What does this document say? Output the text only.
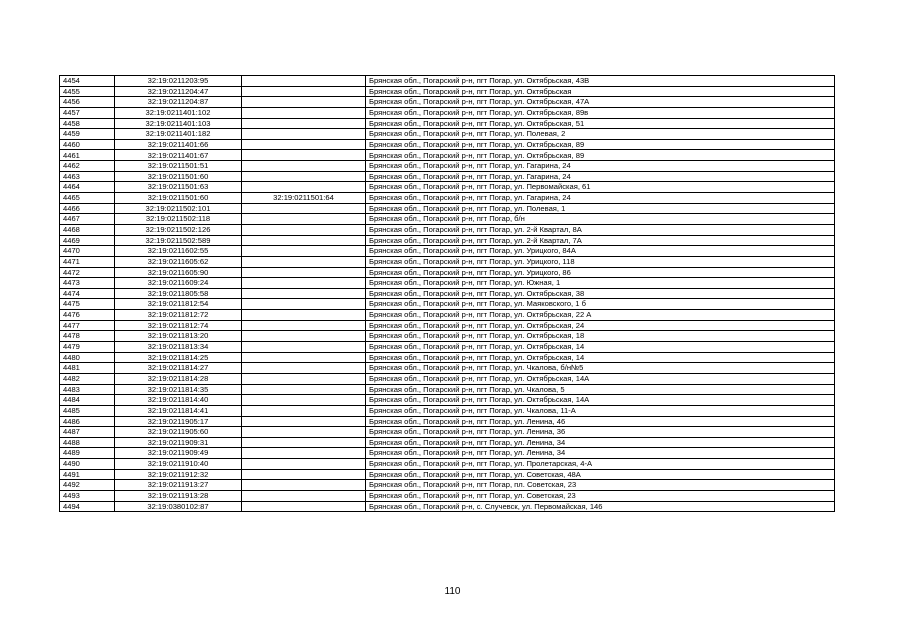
4454	32:19:0211203:95		Брянская обл., Погарский р-н, пгт Погар, ул. Октябрьская, 43В
4455	32:19:0211204:47		Брянская обл., Погарский р-н, пгт Погар, ул. Октябрьская
4456	32:19:0211204:87		Брянская обл., Погарский р-н, пгт Погар, ул. Октябрьская, 47А
4457	32:19:0211401:102		Брянская обл., Погарский р-н, пгт Погар, ул. Октябрьская, 89в
4458	32:19:0211401:103		Брянская обл., Погарский р-н, пгт Погар, ул. Октябрьская, 51
4459	32:19:0211401:182		Брянская обл., Погарский р-н, пгт Погар, ул. Полевая, 2
4460	32:19:0211401:66		Брянская обл., Погарский р-н, пгт Погар, ул. Октябрьская, 89
4461	32:19:0211401:67		Брянская обл., Погарский р-н, пгт Погар, ул. Октябрьская, 89
4462	32:19:0211501:51		Брянская обл., Погарский р-н, пгт Погар, ул. Гагарина, 24
4463	32:19:0211501:60		Брянская обл., Погарский р-н, пгт Погар, ул. Гагарина, 24
4464	32:19:0211501:63		Брянская обл., Погарский р-н, пгт Погар, ул. Первомайская, 61
4465	32:19:0211501:60	32:19:0211501:64	Брянская обл., Погарский р-н, пгт Погар, ул. Гагарина, 24
4466	32:19:0211502:101		Брянская обл., Погарский р-н, пгт Погар, ул. Полевая, 1
4467	32:19:0211502:118		Брянская обл., Погарский р-н, пгт Погар, б/н
4468	32:19:0211502:126		Брянская обл., Погарский р-н, пгт Погар, ул. 2-й Квартал, 8А
4469	32:19:0211502:589		Брянская обл., Погарский р-н, пгт Погар, ул. 2-й Квартал, 7А
4470	32:19:0211602:55		Брянская обл., Погарский р-н, пгт Погар, ул. Урицкого, 84А
4471	32:19:0211605:62		Брянская обл., Погарский р-н, пгт Погар, ул. Урицкого, 118
4472	32:19:0211605:90		Брянская обл., Погарский р-н, пгт Погар, ул. Урицкого, 86
4473	32:19:0211609:24		Брянская обл., Погарский р-н, пгт Погар, ул. Южная, 1
4474	32:19:0211805:58		Брянская обл., Погарский р-н, пгт Погар, ул. Октябрьская, 38
4475	32:19:0211812:54		Брянская обл., Погарский р-н, пгт Погар, ул. Маяковского, 1 б
4476	32:19:0211812:72		Брянская обл., Погарский р-н, пгт Погар, ул. Октябрьская, 22 А
4477	32:19:0211812:74		Брянская обл., Погарский р-н, пгт Погар, ул. Октябрьская, 24
4478	32:19:0211813:20		Брянская обл., Погарский р-н, пгт Погар, ул. Октябрьская, 18
4479	32:19:0211813:34		Брянская обл., Погарский р-н, пгт Погар, ул. Октябрьская, 14
4480	32:19:0211814:25		Брянская обл., Погарский р-н, пгт Погар, ул. Октябрьская, 14
4481	32:19:0211814:27		Брянская обл., Погарский р-н, пгт Погар, ул. Чкалова, б/н№5
4482	32:19:0211814:28		Брянская обл., Погарский р-н, пгт Погар, ул. Октябрьская, 14А
4483	32:19:0211814:35		Брянская обл., Погарский р-н, пгт Погар, ул. Чкалова, 5
4484	32:19:0211814:40		Брянская обл., Погарский р-н, пгт Погар, ул. Октябрьская, 14А
4485	32:19:0211814:41		Брянская обл., Погарский р-н, пгт Погар, ул. Чкалова, 11-А
4486	32:19:0211905:17		Брянская обл., Погарский р-н, пгт Погар, ул. Ленина, 46
4487	32:19:0211905:60		Брянская обл., Погарский р-н, пгт Погар, ул. Ленина, 36
4488	32:19:0211909:31		Брянская обл., Погарский р-н, пгт Погар, ул. Ленина, 34
4489	32:19:0211909:49		Брянская обл., Погарский р-н, пгт Погар, ул. Ленина, 34
4490	32:19:0211910:40		Брянская обл., Погарский р-н, пгт Погар, ул. Пролетарская, 4-А
4491	32:19:0211912:32		Брянская обл., Погарский р-н, пгт Погар, ул. Советская, 48А
4492	32:19:0211913:27		Брянская обл., Погарский р-н, пгт Погар, пл. Советская, 23
4493	32:19:0211913:28		Брянская обл., Погарский р-н, пгт Погар, ул. Советская, 23
4494	32:19:0380102:87		Брянская обл., Погарский р-н, с. Случевск, ул. Первомайская, 146
110
